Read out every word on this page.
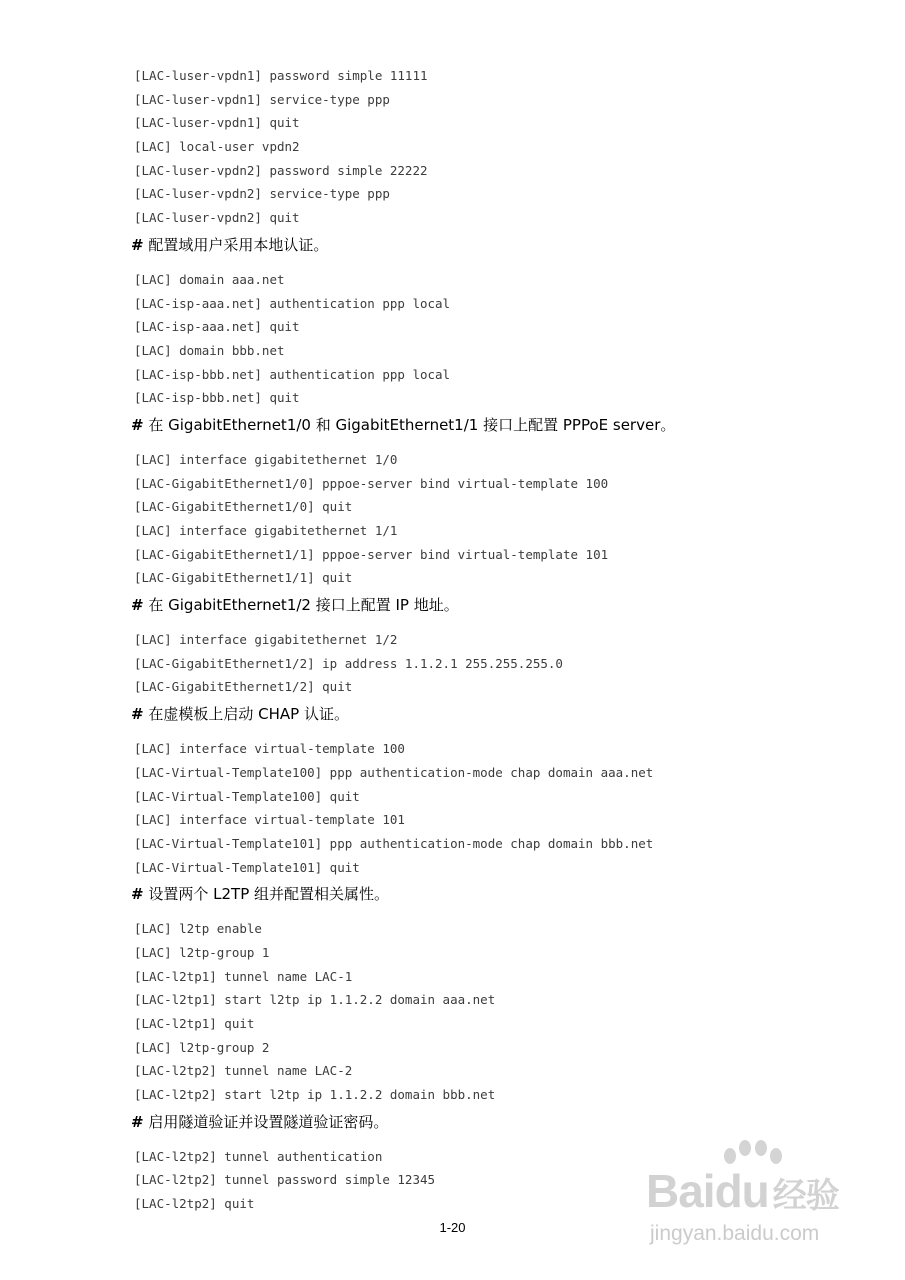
[LAC-luser-vpdn1] password simple 11111
[LAC-luser-vpdn1] service-type ppp
[LAC-luser-vpdn1] quit
[LAC] local-user vpdn2
[LAC-luser-vpdn2] password simple 22222
[LAC-luser-vpdn2] service-type ppp
[LAC-luser-vpdn2] quit
# 配置域用户采用本地认证。
[LAC] domain aaa.net
[LAC-isp-aaa.net] authentication ppp local
[LAC-isp-aaa.net] quit
[LAC] domain bbb.net
[LAC-isp-bbb.net] authentication ppp local
[LAC-isp-bbb.net] quit
# 在 GigabitEthernet1/0 和 GigabitEthernet1/1 接口上配置 PPPoE server。
[LAC] interface gigabitethernet 1/0
[LAC-GigabitEthernet1/0] pppoe-server bind virtual-template 100
[LAC-GigabitEthernet1/0] quit
[LAC] interface gigabitethernet 1/1
[LAC-GigabitEthernet1/1] pppoe-server bind virtual-template 101
[LAC-GigabitEthernet1/1] quit
# 在 GigabitEthernet1/2 接口上配置 IP 地址。
[LAC] interface gigabitethernet 1/2
[LAC-GigabitEthernet1/2] ip address 1.1.2.1 255.255.255.0
[LAC-GigabitEthernet1/2] quit
# 在虚模板上启动 CHAP 认证。
[LAC] interface virtual-template 100
[LAC-Virtual-Template100] ppp authentication-mode chap domain aaa.net
[LAC-Virtual-Template100] quit
[LAC] interface virtual-template 101
[LAC-Virtual-Template101] ppp authentication-mode chap domain bbb.net
[LAC-Virtual-Template101] quit
# 设置两个 L2TP 组并配置相关属性。
[LAC] l2tp enable
[LAC] l2tp-group 1
[LAC-l2tp1] tunnel name LAC-1
[LAC-l2tp1] start l2tp ip 1.1.2.2 domain aaa.net
[LAC-l2tp1] quit
[LAC] l2tp-group 2
[LAC-l2tp2] tunnel name LAC-2
[LAC-l2tp2] start l2tp ip 1.1.2.2 domain bbb.net
# 启用隧道验证并设置隧道验证密码。
[LAC-l2tp2] tunnel authentication
[LAC-l2tp2] tunnel password simple 12345
[LAC-l2tp2] quit
1-20
Baidu 经验
jingyan.baidu.com
